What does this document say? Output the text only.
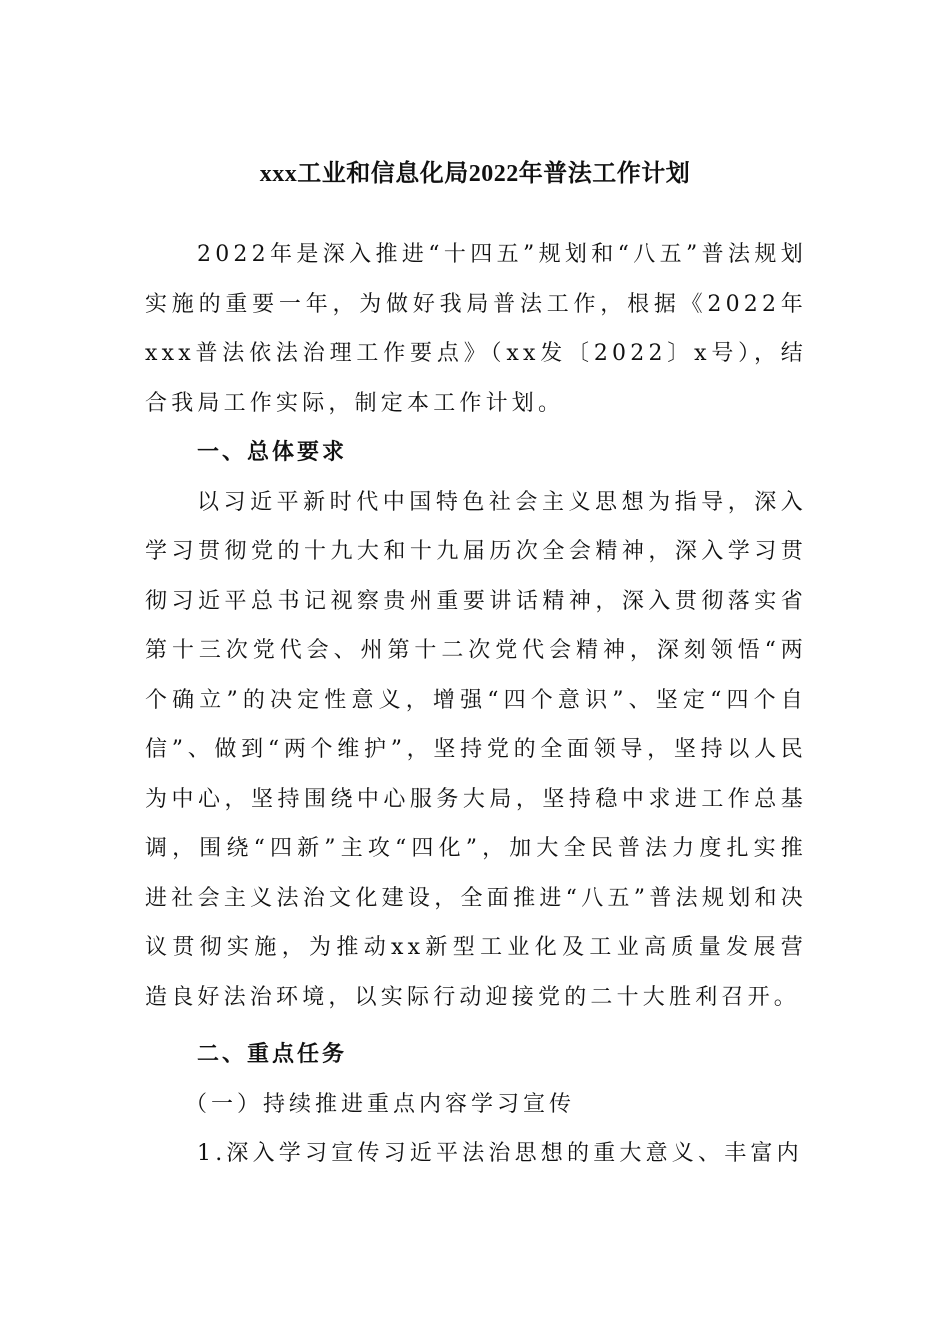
xxx工业和信息化局2022年普法工作计划

2022年是深入推进“十四五”规划和“八五”普法规划实施的重要一年，为做好我局普法工作，根据《2022年xxx普法依法治理工作要点》（xx发〔2022〕x号），结合我局工作实际，制定本工作计划。

一、总体要求

以习近平新时代中国特色社会主义思想为指导，深入学习贯彻党的十九大和十九届历次全会精神，深入学习贯彻习近平总书记视察贵州重要讲话精神，深入贯彻落实省第十三次党代会、州第十二次党代会精神，深刻领悟“两个确立”的决定性意义，增强“四个意识”、坚定“四个自信”、做到“两个维护”，坚持党的全面领导，坚持以人民为中心，坚持围绕中心服务大局，坚持稳中求进工作总基调，围绕“四新”主攻“四化”，加大全民普法力度扎实推进社会主义法治文化建设，全面推进“八五”普法规划和决议贯彻实施，为推动xx新型工业化及工业高质量发展营造良好法治环境，以实际行动迎接党的二十大胜利召开。

二、重点任务

（一）持续推进重点内容学习宣传

1.深入学习宣传习近平法治思想的重大意义、丰富内
